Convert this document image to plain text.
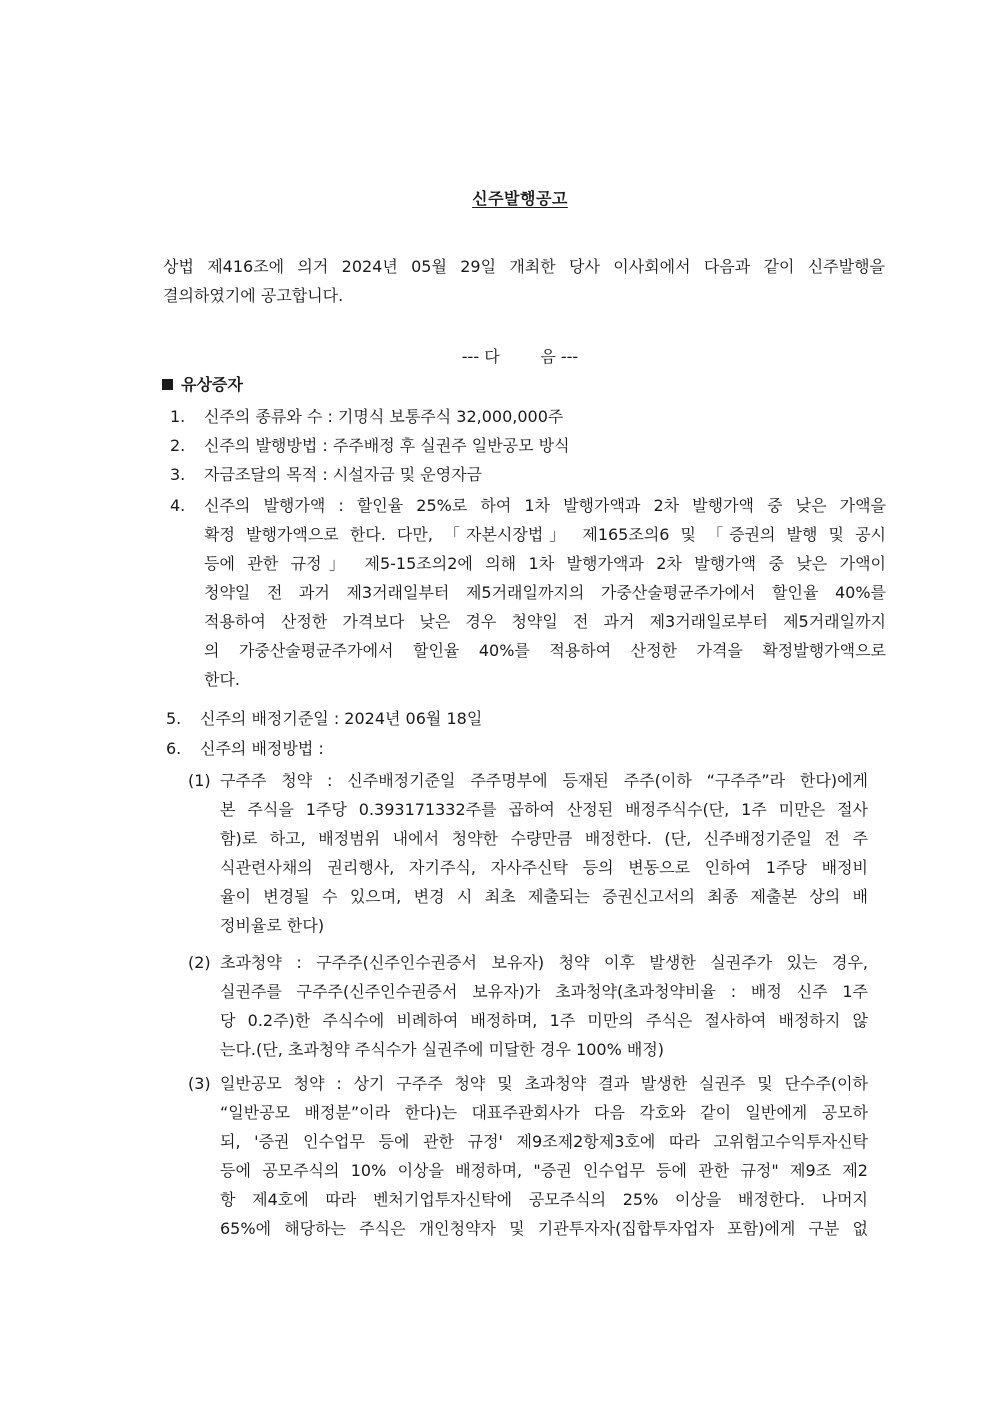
신주발행공고

상법 제416조에 의거 2024년 05월 29일 개최한 당사 이사회에서 다음과 같이 신주발행을

결의하였기에 공고합니다.

--- 다        음 ---
유상증자
1.	신주의 종류와 수 : 기명식 보통주식 32,000,000주
2.	신주의 발행방법 : 주주배정 후 실권주 일반공모 방식
3.	자금조달의 목적 : 시설자금 및 운영자금
4.	신주의 발행가액 : 할인율 25%로 하여 1차 발행가액과 2차 발행가액 중 낮은 가액을
확정 발행가액으로 한다. 다만, 「자본시장법」 제165조의6 및 「증권의 발행 및 공시
등에 관한 규정」 제5-15조의2에 의해 1차 발행가액과 2차 발행가액 중 낮은 가액이
청약일 전 과거 제3거래일부터 제5거래일까지의 가중산술평균주가에서 할인율 40%를
적용하여 산정한 가격보다 낮은 경우 청약일 전 과거 제3거래일로부터 제5거래일까지
의 가중산술평균주가에서 할인율 40%를 적용하여 산정한 가격을 확정발행가액으로
한다.
5.	신주의 배정기준일 : 2024년 06월 18일
6.	신주의 배정방법 :
(1) 구주주 청약 : 신주배정기준일 주주명부에 등재된 주주(이하 “구주주”라 한다)에게
본 주식을 1주당 0.393171332주를 곱하여 산정된 배정주식수(단, 1주 미만은 절사
함)로 하고, 배정범위 내에서 청약한 수량만큼 배정한다. (단, 신주배정기준일 전 주
식관련사채의 권리행사, 자기주식, 자사주신탁 등의 변동으로 인하여 1주당 배정비
율이 변경될 수 있으며, 변경 시 최초 제출되는 증권신고서의 최종 제출본 상의 배
정비율로 한다)
(2) 초과청약 : 구주주(신주인수권증서 보유자) 청약 이후 발생한 실권주가 있는 경우,
실권주를 구주주(신주인수권증서 보유자)가 초과청약(초과청약비율 : 배정 신주 1주
당 0.2주)한 주식수에 비례하여 배정하며, 1주 미만의 주식은 절사하여 배정하지 않
는다.(단, 초과청약 주식수가 실권주에 미달한 경우 100% 배정)
(3) 일반공모 청약 : 상기 구주주 청약 및 초과청약 결과 발생한 실권주 및 단수주(이하
“일반공모 배정분”이라 한다)는 대표주관회사가 다음 각호와 같이 일반에게 공모하
되, '증권 인수업무 등에 관한 규정' 제9조제2항제3호에 따라 고위험고수익투자신탁
등에 공모주식의 10% 이상을 배정하며, "증권 인수업무 등에 관한 규정" 제9조 제2
항 제4호에 따라 벤처기업투자신탁에 공모주식의 25% 이상을 배정한다. 나머지
65%에 해당하는 주식은 개인청약자 및 기관투자자(집합투자업자 포함)에게 구분 없
